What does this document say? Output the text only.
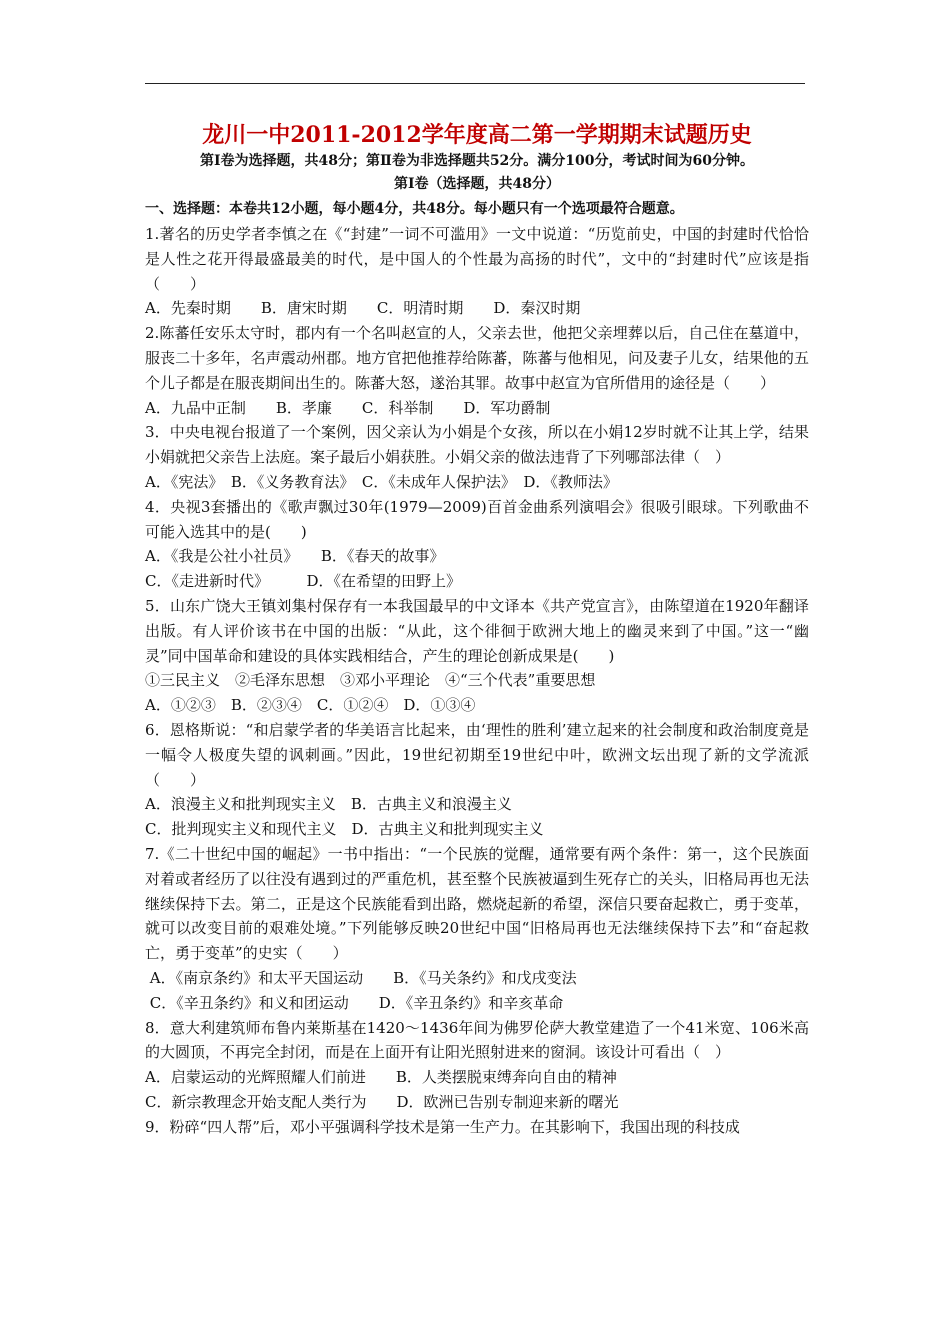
龙川一中2011-2012学年度高二第一学期期末试题历史
第Ⅰ卷为选择题，共48分；第Ⅱ卷为非选择题共52分。满分100分，考试时间为60分钟。
第Ⅰ卷（选择题，共48分）
一、选择题：本卷共12小题，每小题4分，共48分。每小题只有一个选项最符合题意。

1.著名的历史学者李慎之在《“封建”一词不可滥用》一文中说道：“历览前史，中国的封建时代恰恰是人性之花开得最盛最美的时代，是中国人的个性最为高扬的时代”，文中的“封建时代”应该是指（　　）

A．先秦时期　　B．唐宋时期　　C．明清时期　　D．秦汉时期

2.陈蕃任安乐太守时，郡内有一个名叫赵宣的人，父亲去世，他把父亲埋葬以后，自己住在墓道中，服丧二十多年，名声震动州郡。地方官把他推荐给陈蕃，陈蕃与他相见，问及妻子儿女，结果他的五个儿子都是在服丧期间出生的。陈蕃大怒，遂治其罪。故事中赵宣为官所借用的途径是（　　）

A．九品中正制　　B．孝廉　　C．科举制　　D．军功爵制

3．中央电视台报道了一个案例，因父亲认为小娟是个女孩，所以在小娟12岁时就不让其上学，结果小娟就把父亲告上法庭。案子最后小娟获胜。小娟父亲的做法违背了下列哪部法律（　）

A．《宪法》　B．《义务教育法》　C．《未成年人保护法》　D．《教师法》

4．央视3套播出的《歌声飘过30年(1979—2009)百首金曲系列演唱会》很吸引眼球。下列歌曲不可能入选其中的是(　　)

A．《我是公社小社员》　　B．《春天的故事》

C．《走进新时代》　　　D．《在希望的田野上》

5．山东广饶大王镇刘集村保存有一本我国最早的中文译本《共产党宣言》，由陈望道在1920年翻译出版。有人评价该书在中国的出版：“从此，这个徘徊于欧洲大地上的幽灵来到了中国。”这一“幽灵”同中国革命和建设的具体实践相结合，产生的理论创新成果是(　　)

①三民主义　②毛泽东思想　③邓小平理论　④“三个代表”重要思想

A．①②③　B．②③④　C．①②④　D．①③④

6．恩格斯说：“和启蒙学者的华美语言比起来，由‘理性的胜利’建立起来的社会制度和政治制度竟是一幅令人极度失望的讽刺画。”因此，19世纪初期至19世纪中叶，欧洲文坛出现了新的文学流派（　　）

A．浪漫主义和批判现实主义　B．古典主义和浪漫主义

C．批判现实主义和现代主义　D．古典主义和批判现实主义

7.《二十世纪中国的崛起》一书中指出：“一个民族的觉醒，通常要有两个条件：第一，这个民族面对着或者经历了以往没有遇到过的严重危机，甚至整个民族被逼到生死存亡的关头，旧格局再也无法继续保持下去。第二，正是这个民族能看到出路，燃烧起新的希望，深信只要奋起救亡，勇于变革，就可以改变目前的艰难处境。”下列能够反映20世纪中国“旧格局再也无法继续保持下去”和“奋起救亡，勇于变革”的史实（　　）

A．《南京条约》和太平天国运动　　B．《马关条约》和戊戌变法

C．《辛丑条约》和义和团运动　　D．《辛丑条约》和辛亥革命

8．意大利建筑师布鲁内莱斯基在1420～1436年间为佛罗伦萨大教堂建造了一个41米宽、106米高的大圆顶，不再完全封闭，而是在上面开有让阳光照射进来的窗洞。该设计可看出（　）

A．启蒙运动的光辉照耀人们前进　　B．人类摆脱束缚奔向自由的精神

C．新宗教理念开始支配人类行为　　D．欧洲已告别专制迎来新的曙光

9．粉碎“四人帮”后，邓小平强调科学技术是第一生产力。在其影响下，我国出现的科技成
